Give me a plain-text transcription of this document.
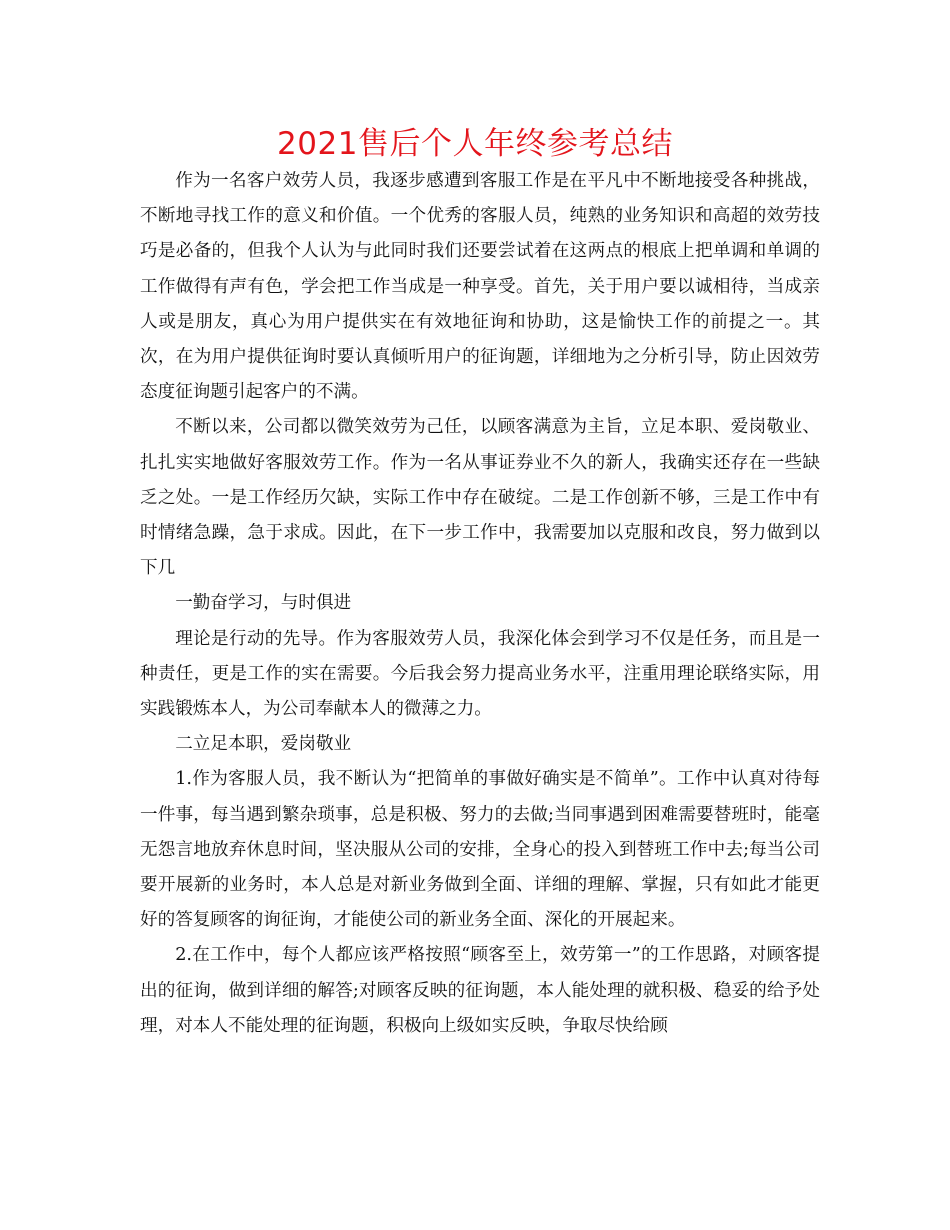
2021售后个人年终参考总结

作为一名客户效劳人员，我逐步感遭到客服工作是在平凡中不断地接受各种挑战，不断地寻找工作的意义和价值。一个优秀的客服人员，纯熟的业务知识和高超的效劳技巧是必备的，但我个人认为与此同时我们还要尝试着在这两点的根底上把单调和单调的工作做得有声有色，学会把工作当成是一种享受。首先，关于用户要以诚相待，当成亲人或是朋友，真心为用户提供实在有效地征询和协助，这是愉快工作的前提之一。其次，在为用户提供征询时要认真倾听用户的征询题，详细地为之分析引导，防止因效劳态度征询题引起客户的不满。

不断以来，公司都以微笑效劳为己任，以顾客满意为主旨，立足本职、爱岗敬业、扎扎实实地做好客服效劳工作。作为一名从事证券业不久的新人，我确实还存在一些缺乏之处。一是工作经历欠缺，实际工作中存在破绽。二是工作创新不够，三是工作中有时情绪急躁，急于求成。因此，在下一步工作中，我需要加以克服和改良，努力做到以下几

一勤奋学习，与时俱进

理论是行动的先导。作为客服效劳人员，我深化体会到学习不仅是任务，而且是一种责任，更是工作的实在需要。今后我会努力提高业务水平，注重用理论联络实际，用实践锻炼本人，为公司奉献本人的微薄之力。

二立足本职，爱岗敬业

1.作为客服人员，我不断认为“把简单的事做好确实是不简单”。工作中认真对待每一件事，每当遇到繁杂琐事，总是积极、努力的去做;当同事遇到困难需要替班时，能毫无怨言地放弃休息时间，坚决服从公司的安排，全身心的投入到替班工作中去;每当公司要开展新的业务时，本人总是对新业务做到全面、详细的理解、掌握，只有如此才能更好的答复顾客的询征询，才能使公司的新业务全面、深化的开展起来。

2.在工作中，每个人都应该严格按照“顾客至上，效劳第一”的工作思路，对顾客提出的征询，做到详细的解答;对顾客反映的征询题，本人能处理的就积极、稳妥的给予处理，对本人不能处理的征询题，积极向上级如实反映，争取尽快给顾
